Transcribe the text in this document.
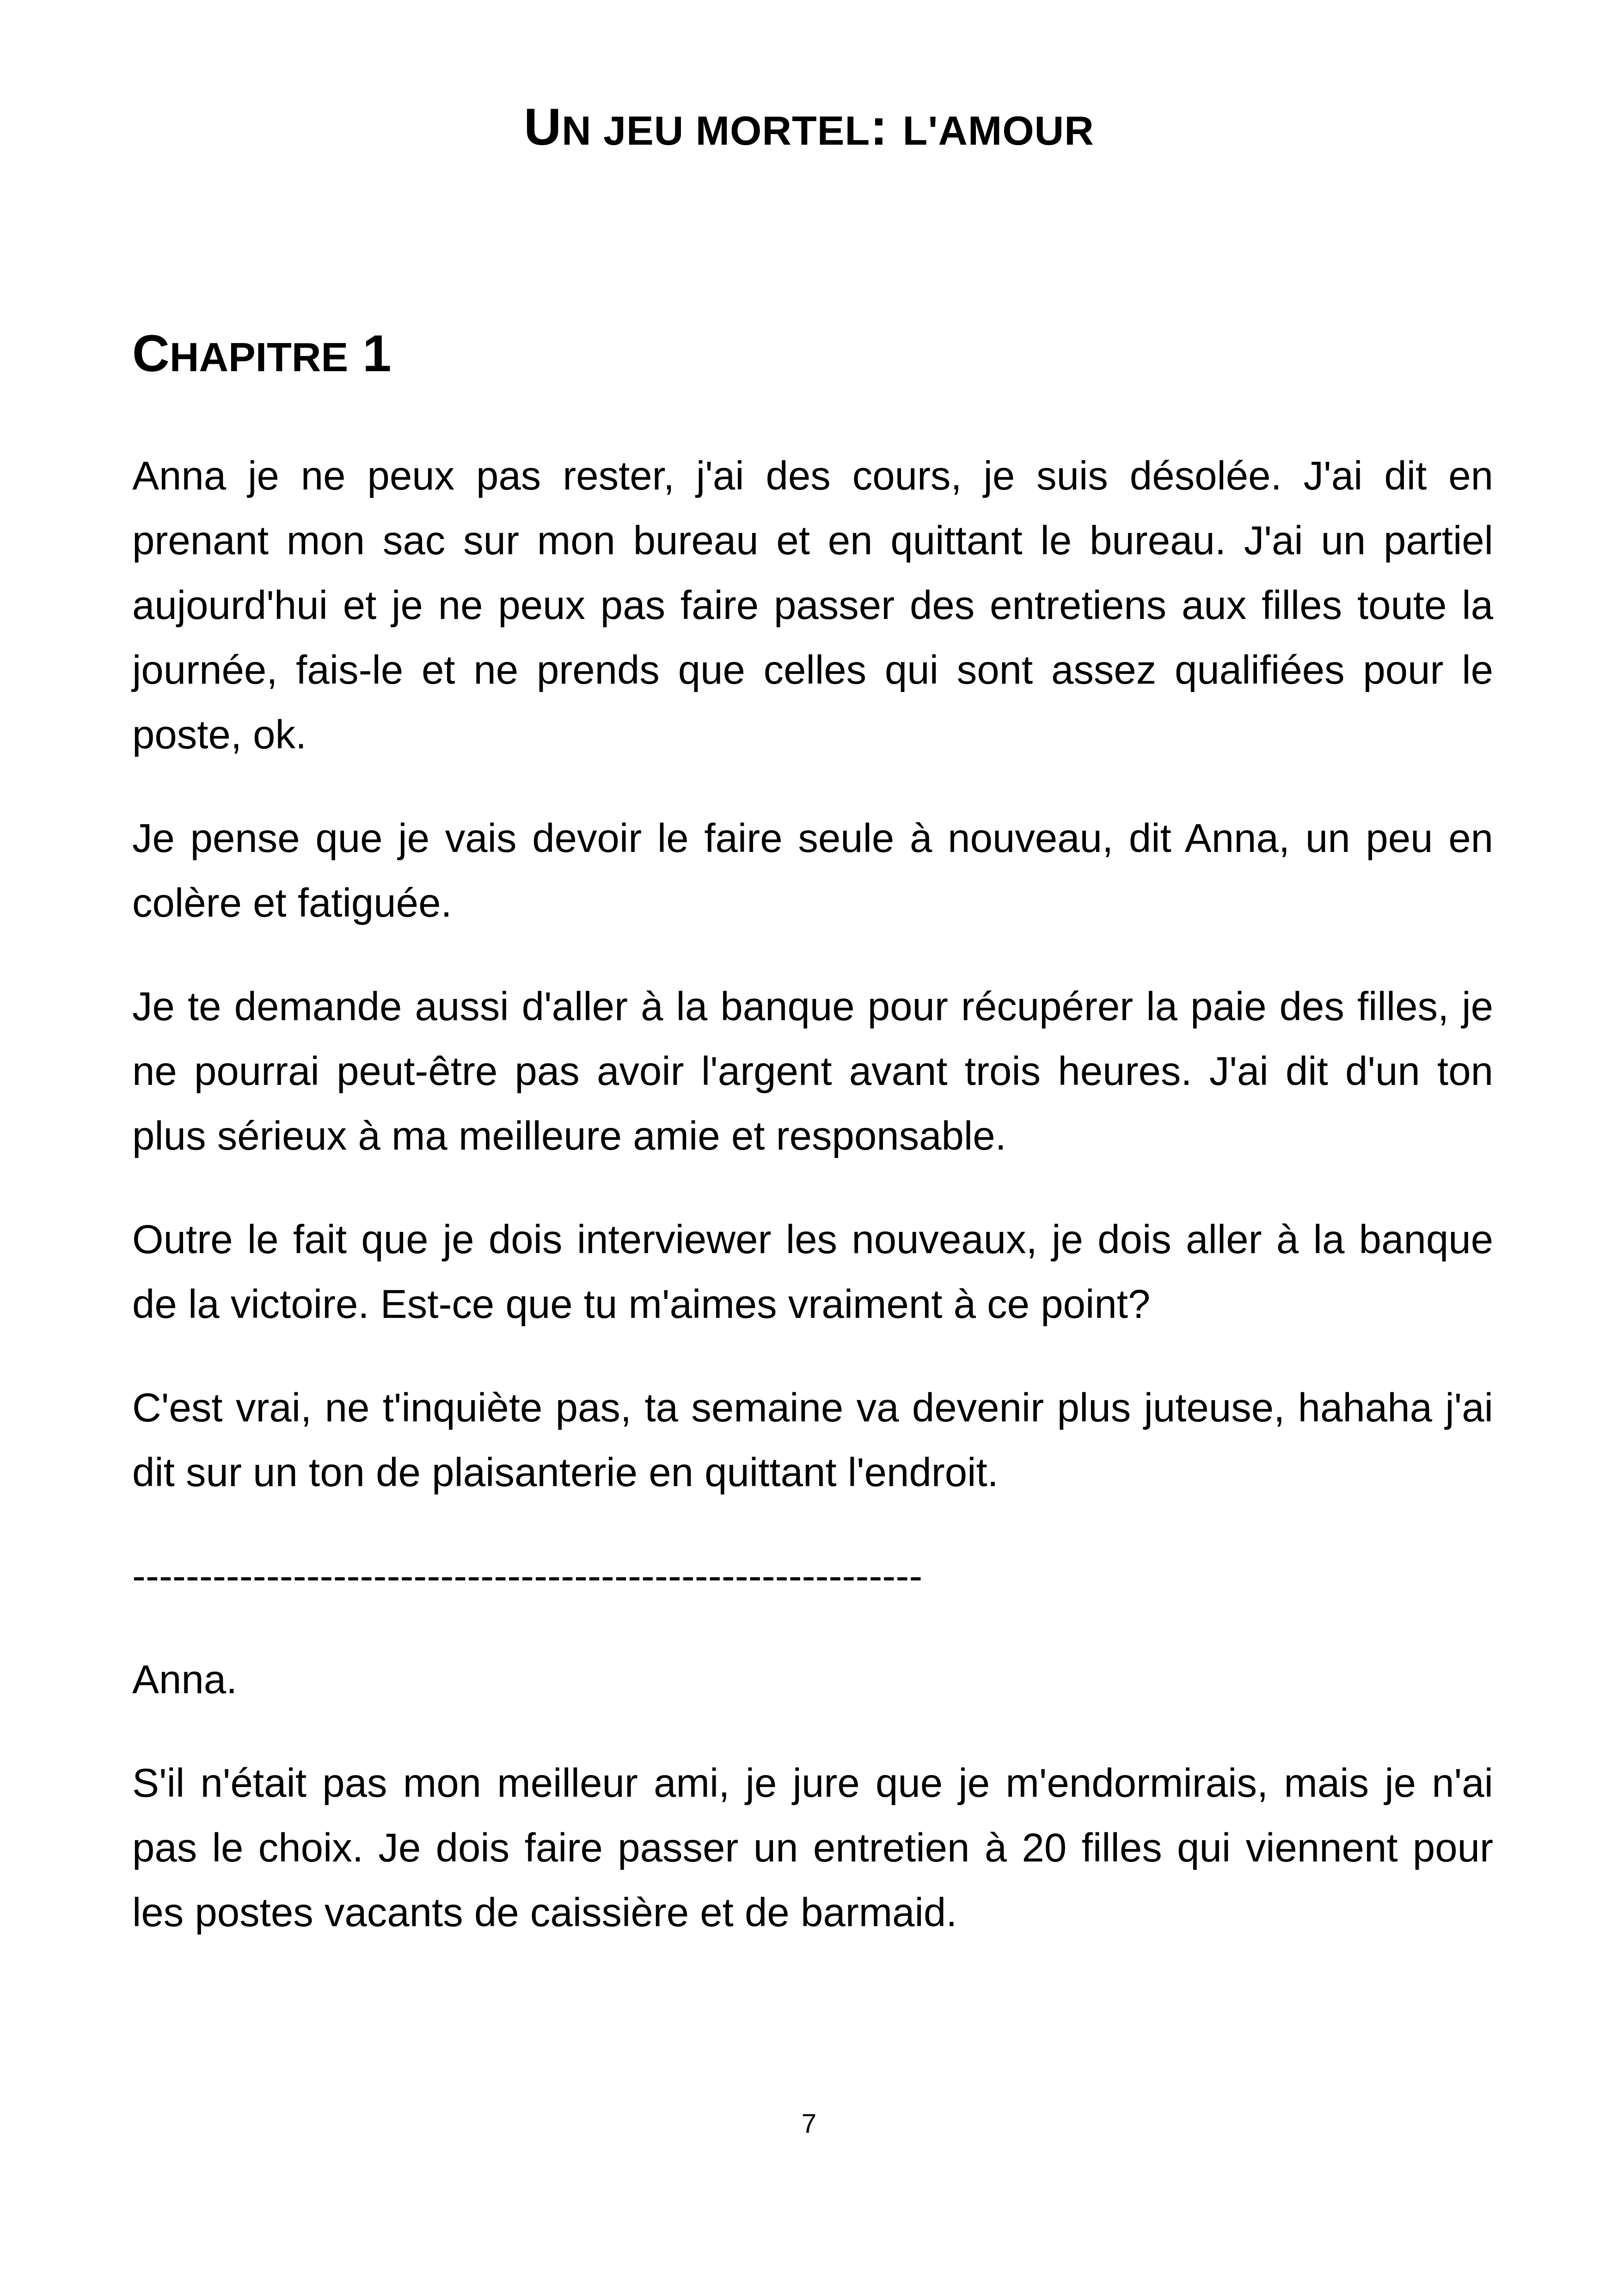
UN JEU MORTEL: L'AMOUR
CHAPITRE 1

Anna je ne peux pas rester, j'ai des cours, je suis désolée. J'ai dit en prenant mon sac sur mon bureau et en quittant le bureau. J'ai un partiel aujourd'hui et je ne peux pas faire passer des entretiens aux filles toute la journée, fais-le et ne prends que celles qui sont assez qualifiées pour le poste, ok.

Je pense que je vais devoir le faire seule à nouveau, dit Anna, un peu en colère et fatiguée.

Je te demande aussi d'aller à la banque pour récupérer la paie des filles, je ne pourrai peut-être pas avoir l'argent avant trois heures. J'ai dit d'un ton plus sérieux à ma meilleure amie et responsable.

Outre le fait que je dois interviewer les nouveaux, je dois aller à la banque de la victoire. Est-ce que tu m'aimes vraiment à ce point?

C'est vrai, ne t'inquiète pas, ta semaine va devenir plus juteuse, hahaha j'ai dit sur un ton de plaisanterie en quittant l'endroit.

-----------------------------------------------------------

Anna.

S'il n'était pas mon meilleur ami, je jure que je m'endormirais, mais je n'ai pas le choix. Je dois faire passer un entretien à 20 filles qui viennent pour les postes vacants de caissière et de barmaid.

7
